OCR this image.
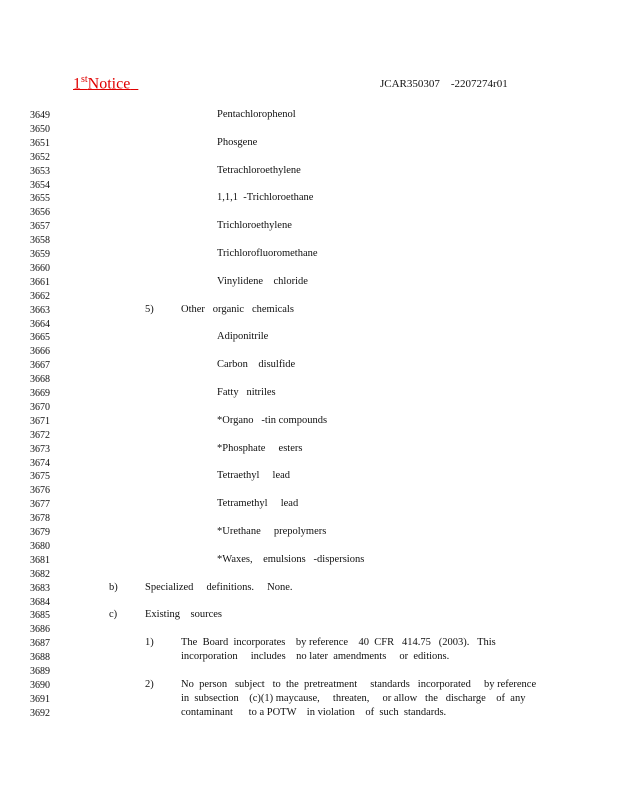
1stNotice	JCAR350307    -2207274r01
3649
3650
3651
3652
3653
3654
3655
3656
3657
3658
3659
3660
3661
3662
3663
3664
3665
3666
3667
3668
3669
3670
3671
3672
3673
3674
3675
3676
3677
3678
3679
3680
3681
3682
3683
3684
3685
3686
3687
3688
3689
3690
3691
3692
Pentachlorophenol
Phosgene
Tetrachloroethylene
1,1,1  -Trichloroethane
Trichloroethylene
Trichlorofluoromethane
Vinylidene    chloride
5)	Other   organic   chemicals
Adiponitrile
Carbon    disulfide
Fatty   nitriles
*Organo   -tin compounds
*Phosphate     esters
Tetraethyl     lead
Tetramethyl     lead
*Urethane     prepolymers
*Waxes,    emulsions   -dispersions
b)	Specialized     definitions.     None.
c)	Existing    sources
1)	The  Board  incorporates    by reference    40  CFR   414.75   (2003).   This
incorporation     includes    no later  amendments     or  editions.
2)	No  person   subject   to  the  pretreatment     standards   incorporated     by reference
in  subsection    (c)(1) maycause,     threaten,     or allow   the   discharge    of  any
contaminant      to a POTW    in violation    of  such  standards.
